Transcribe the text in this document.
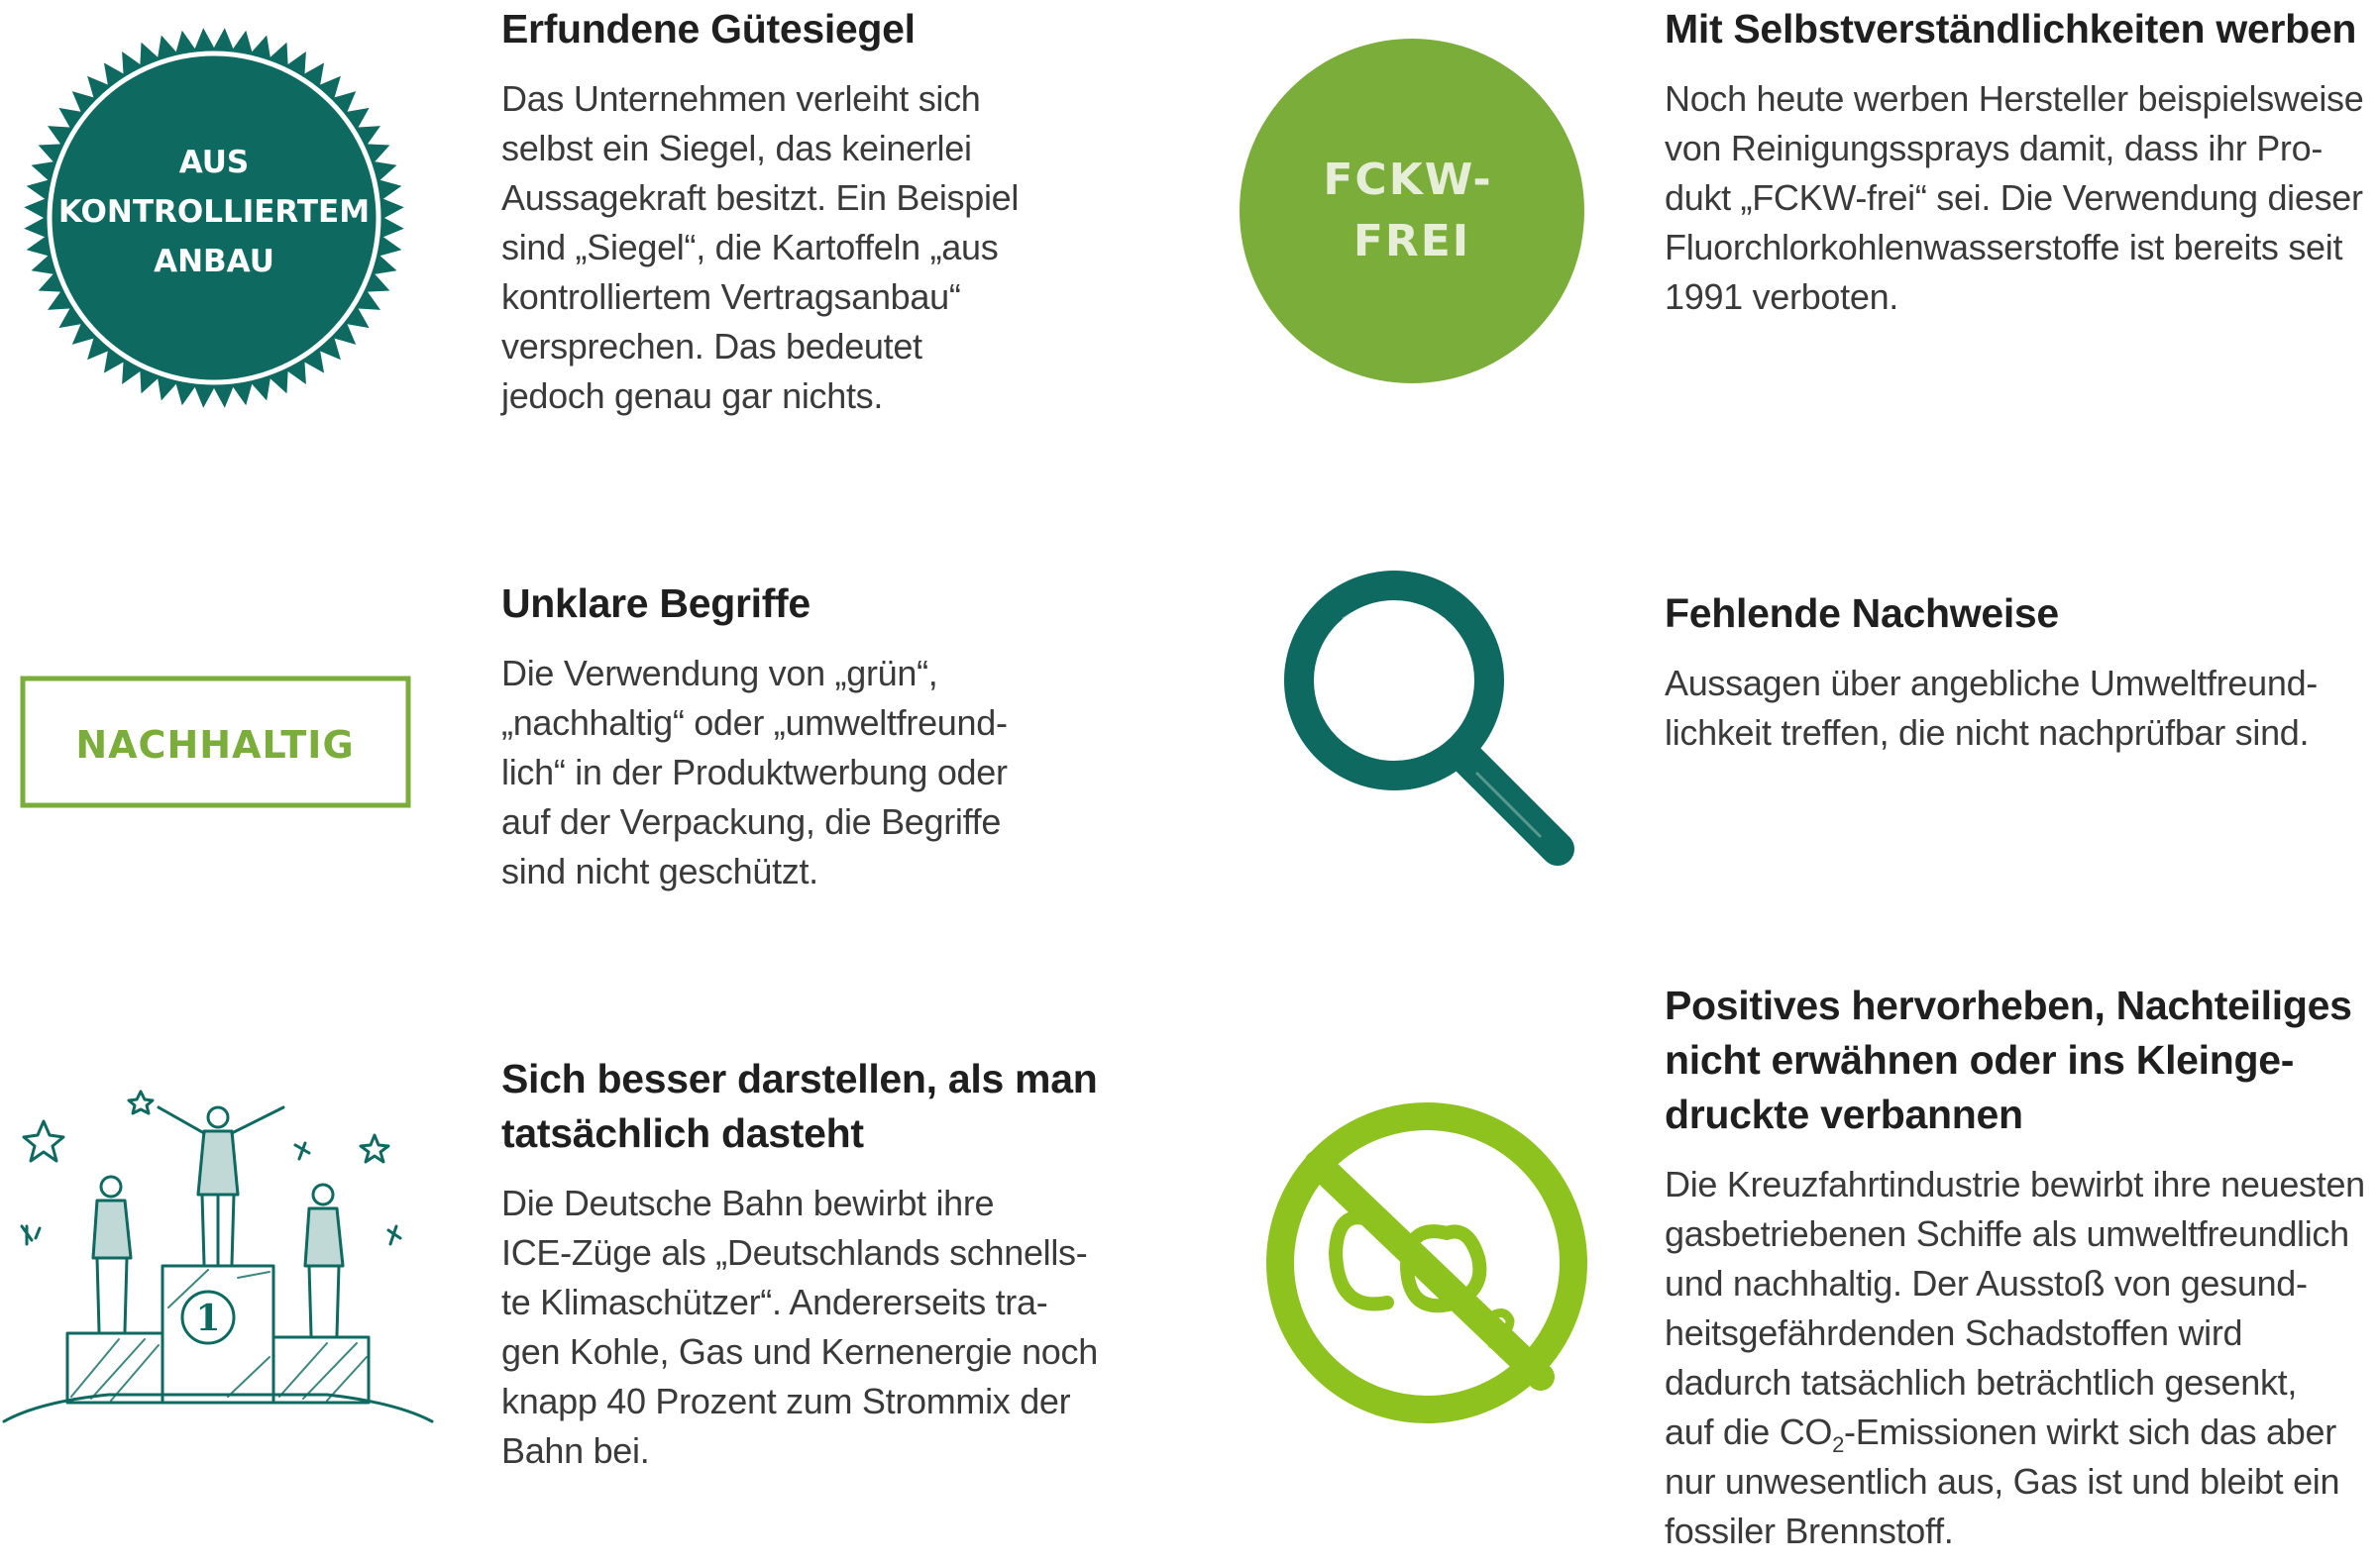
AUS
KONTROLLIERTEM
ANBAU
FCKW-
FREI
NACHHALTIG
1
Erfundene Gütesiegel

Das Unternehmen verleiht sich
selbst ein Siegel, das keinerlei
Aussagekraft besitzt. Ein Beispiel
sind „Siegel“, die Kartoffeln „aus
kontrolliertem Vertragsanbau“
versprechen. Das bedeutet
jedoch genau gar nichts.

Mit Selbstverständlichkeiten werben

Noch heute werben Hersteller beispielsweise
von Reinigungssprays damit, dass ihr Pro-
dukt „FCKW-frei“ sei. Die Verwendung dieser
Fluorchlorkohlenwasserstoffe ist bereits seit
1991 verboten.

Unklare Begriffe

Die Verwendung von „grün“,
„nachhaltig“ oder „umweltfreund-
lich“ in der Produktwerbung oder
auf der Verpackung, die Begriffe
sind nicht geschützt.

Fehlende Nachweise

Aussagen über angebliche Umweltfreund-
lichkeit treffen, die nicht nachprüfbar sind.

Sich besser darstellen, als man
tatsächlich dasteht

Die Deutsche Bahn bewirbt ihre
ICE-Züge als „Deutschlands schnells-
te Klimaschützer“. Andererseits tra-
gen Kohle, Gas und Kernenergie noch
knapp 40 Prozent zum Strommix der
Bahn bei.

Positives hervorheben, Nachteiliges
nicht erwähnen oder ins Kleinge-
druckte verbannen

Die Kreuzfahrtindustrie bewirbt ihre neuesten
gasbetriebenen Schiffe als umweltfreundlich
und nachhaltig. Der Ausstoß von gesund-
heitsgefährdenden Schadstoffen wird
dadurch tatsächlich beträchtlich gesenkt,
auf die $CO_2$-Emissionen wirkt sich das aber
nur unwesentlich aus, Gas ist und bleibt ein
fossiler Brennstoff.
